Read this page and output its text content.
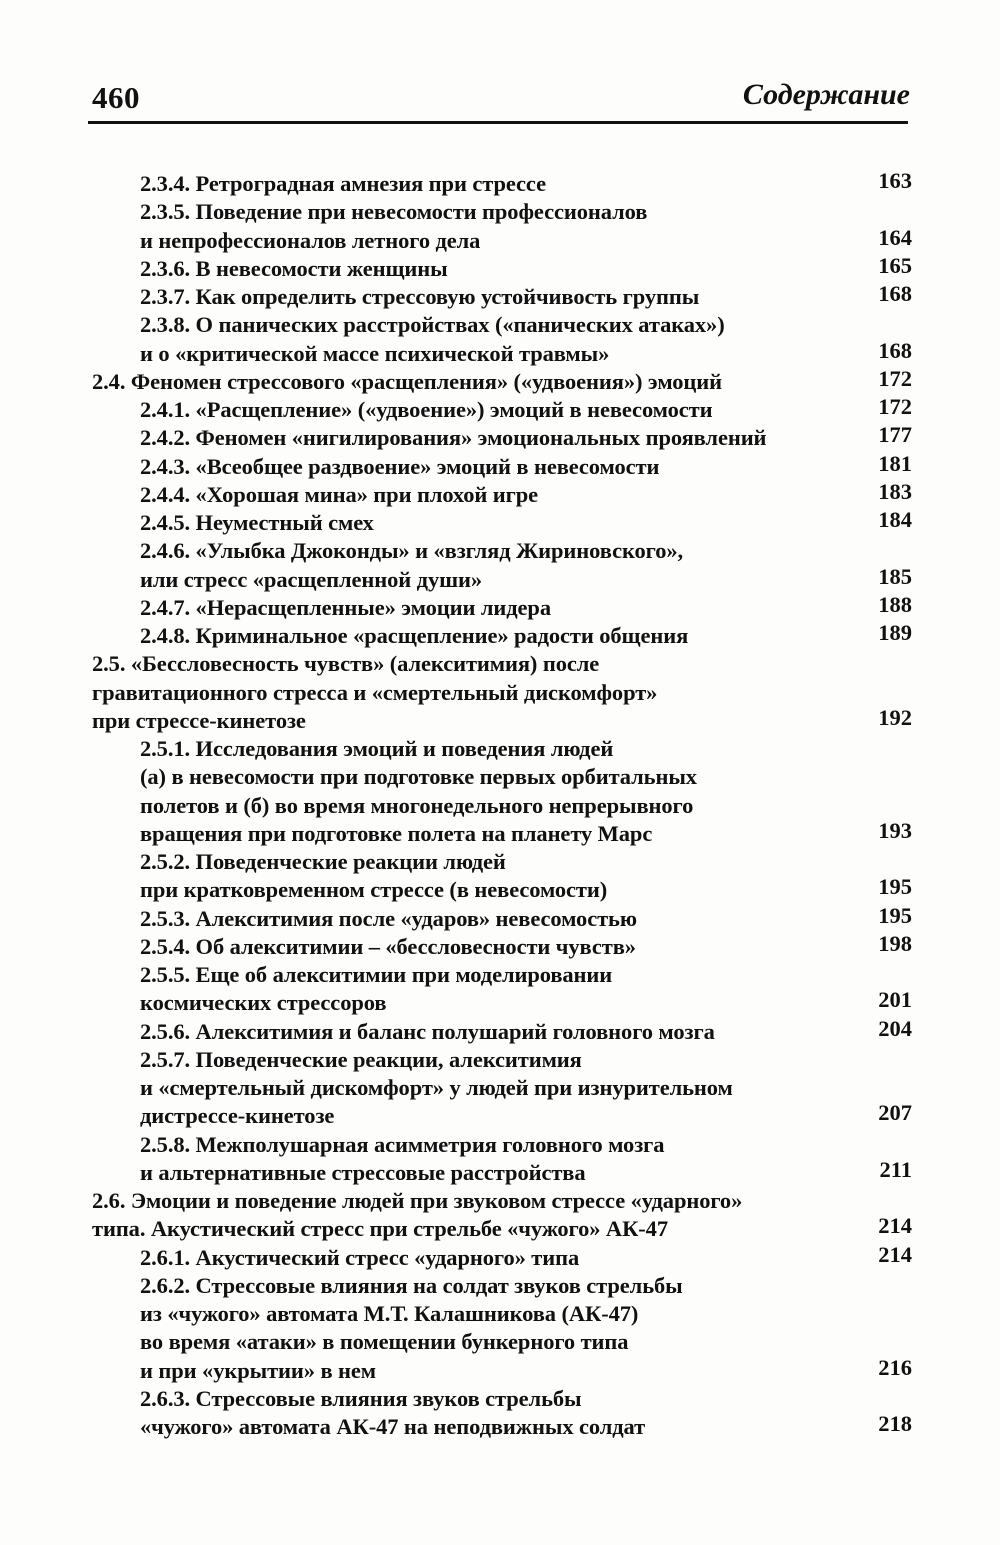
460	Содержание
2.3.4. Ретроградная амнезия при стрессе	163
2.3.5. Поведение при невесомости профессионалов
и непрофессионалов летного дела	164
2.3.6. В невесомости женщины	165
2.3.7. Как определить стрессовую устойчивость группы	168
2.3.8. О панических расстройствах («панических атаках»)
и о «критической массе психической травмы»	168
2.4. Феномен стрессового «расщепления» («удвоения») эмоций	172
2.4.1. «Расщепление» («удвоение») эмоций в невесомости	172
2.4.2. Феномен «нигилирования» эмоциональных проявлений	177
2.4.3. «Всеобщее раздвоение» эмоций в невесомости	181
2.4.4. «Хорошая мина» при плохой игре	183
2.4.5. Неуместный смех	184
2.4.6. «Улыбка Джоконды» и «взгляд Жириновского»,
или стресс «расщепленной души»	185
2.4.7. «Нерасщепленные» эмоции лидера	188
2.4.8. Криминальное «расщепление» радости общения	189
2.5. «Бессловесность чувств» (алекситимия) после
гравитационного стресса и «смертельный дискомфорт»
при стрессе-кинетозе	192
2.5.1. Исследования эмоций и поведения людей
(а) в невесомости при подготовке первых орбитальных
полетов и (б) во время многонедельного непрерывного
вращения при подготовке полета на планету Марс	193
2.5.2. Поведенческие реакции людей
при кратковременном стрессе (в невесомости)	195
2.5.3. Алекситимия после «ударов» невесомостью	195
2.5.4. Об алекситимии – «бессловесности чувств»	198
2.5.5. Еще об алекситимии при моделировании
космических стрессоров	201
2.5.6. Алекситимия и баланс полушарий головного мозга	204
2.5.7. Поведенческие реакции, алекситимия
и «смертельный дискомфорт» у людей при изнурительном
дистрессе-кинетозе	207
2.5.8. Межполушарная асимметрия головного мозга
и альтернативные стрессовые расстройства	211
2.6. Эмоции и поведение людей при звуковом стрессе «ударного»
типа. Акустический стресс при стрельбе «чужого» АК-47	214
2.6.1. Акустический стресс «ударного» типа	214
2.6.2. Стрессовые влияния на солдат звуков стрельбы
из «чужого» автомата М.Т. Калашникова (АК-47)
во время «атаки» в помещении бункерного типа
и при «укрытии» в нем	216
2.6.3. Стрессовые влияния звуков стрельбы
«чужого» автомата АК-47 на неподвижных солдат	218
